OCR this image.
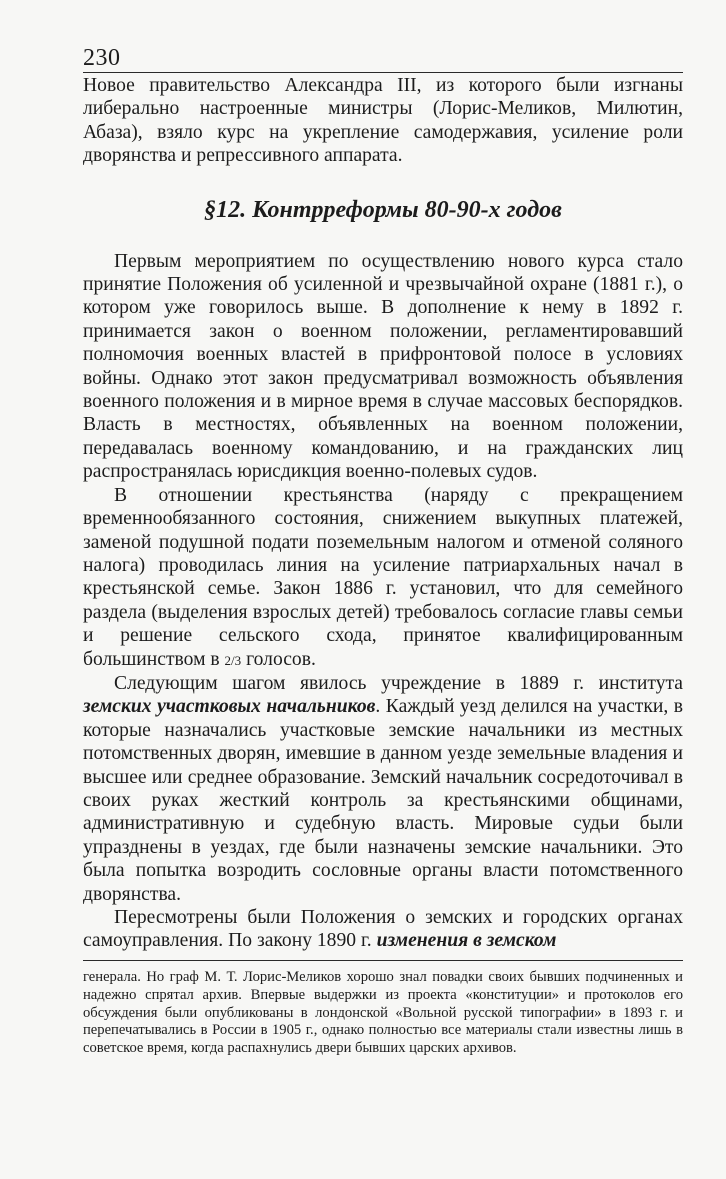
230

Новое правительство Александра III, из которого были изгнаны либерально настроенные министры (Лорис-Меликов, Милютин, Абаза), взяло курс на укрепление самодержавия, усиление роли дворянства и репрессивного аппарата.

§12. Контрреформы 80-90-х годов

Первым мероприятием по осуществлению нового курса стало принятие Положения об усиленной и чрезвычайной охране (1881 г.), о котором уже говорилось выше. В дополнение к нему в 1892 г. принимается закон о военном положении, регламентировавший полномочия военных властей в прифронтовой полосе в условиях войны. Однако этот закон предусматривал возможность объявления военного положения и в мирное время в случае массовых беспорядков. Власть в местностях, объявленных на военном положении, передавалась военному командованию, и на гражданских лиц распространялась юрисдикция военно-полевых судов.

В отношении крестьянства (наряду с прекращением временнообязанного состояния, снижением выкупных платежей, заменой подушной подати поземельным налогом и отменой соляного налога) проводилась линия на усиление патриархальных начал в крестьянской семье. Закон 1886 г. установил, что для семейного раздела (выделения взрослых детей) требовалось согласие главы семьи и решение сельского схода, принятое квалифицированным большинством в 2/3 голосов.

Следующим шагом явилось учреждение в 1889 г. института земских участковых начальников. Каждый уезд делился на участки, в которые назначались участковые земские начальники из местных потомственных дворян, имевшие в данном уезде земельные владения и высшее или среднее образование. Земский начальник сосредоточивал в своих руках жесткий контроль за крестьянскими общинами, административную и судебную власть. Мировые судьи были упразднены в уездах, где были назначены земские начальники. Это была попытка возродить сословные органы власти потомственного дворянства.

Пересмотрены были Положения о земских и городских органах самоуправления. По закону 1890 г. изменения в земском

генерала. Но граф М. Т. Лорис-Меликов хорошо знал повадки своих бывших подчиненных и надежно спрятал архив. Впервые выдержки из проекта «конституции» и протоколов его обсуждения были опубликованы в лондонской «Вольной русской типографии» в 1893 г. и перепечатывались в России в 1905 г., однако полностью все материалы стали известны лишь в советское время, когда распахнулись двери бывших царских архивов.
